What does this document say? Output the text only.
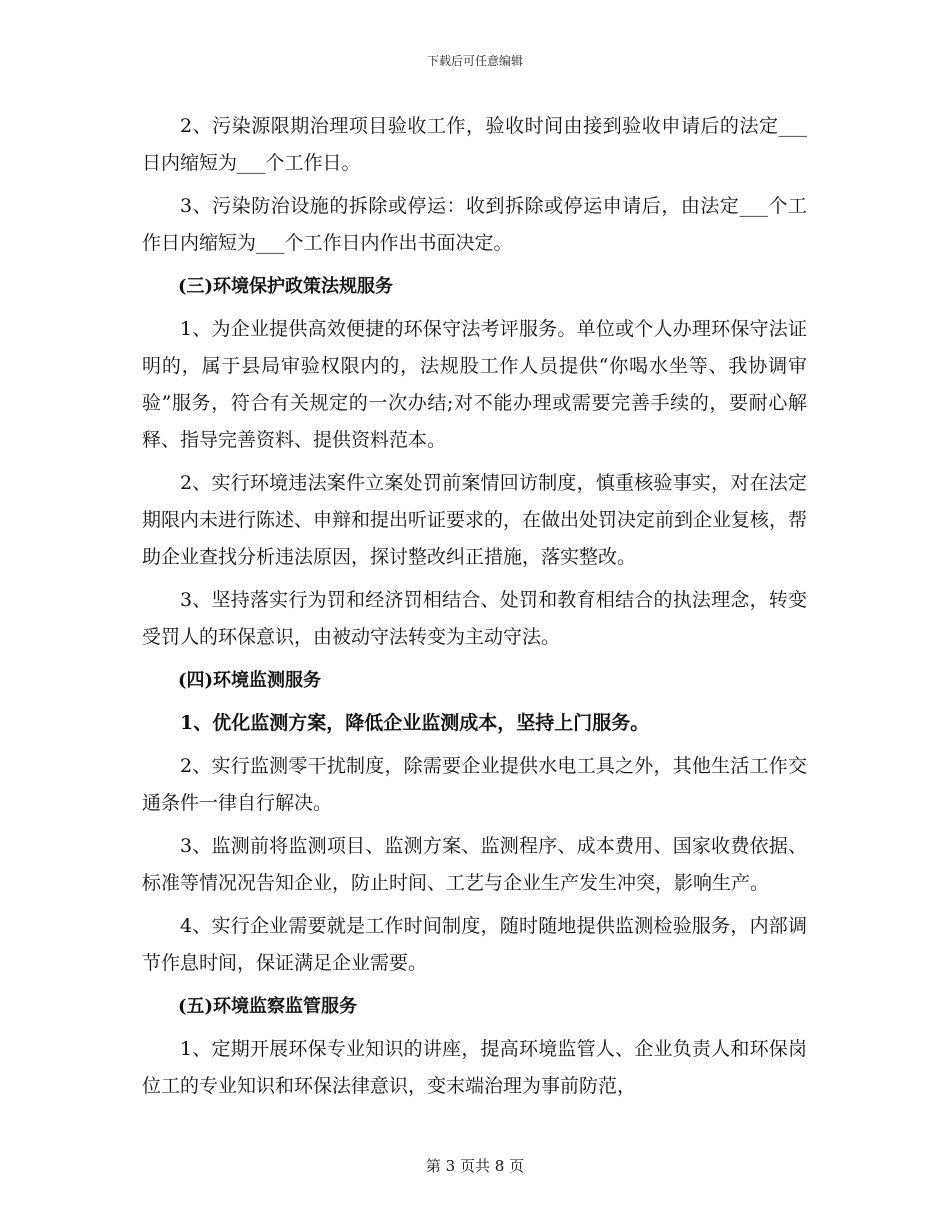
下载后可任意编辑

2、污染源限期治理项目验收工作，验收时间由接到验收申请后的法定___日内缩短为___个工作日。

3、污染防治设施的拆除或停运：收到拆除或停运申请后，由法定___个工作日内缩短为___个工作日内作出书面决定。

(三)环境保护政策法规服务

1、为企业提供高效便捷的环保守法考评服务。单位或个人办理环保守法证明的，属于县局审验权限内的，法规股工作人员提供“你喝水坐等、我协调审验”服务，符合有关规定的一次办结;对不能办理或需要完善手续的，要耐心解释、指导完善资料、提供资料范本。

2、实行环境违法案件立案处罚前案情回访制度，慎重核验事实，对在法定期限内未进行陈述、申辩和提出听证要求的，在做出处罚决定前到企业复核，帮助企业查找分析违法原因，探讨整改纠正措施，落实整改。

3、坚持落实行为罚和经济罚相结合、处罚和教育相结合的执法理念，转变受罚人的环保意识，由被动守法转变为主动守法。

(四)环境监测服务

1、优化监测方案，降低企业监测成本，坚持上门服务。

2、实行监测零干扰制度，除需要企业提供水电工具之外，其他生活工作交通条件一律自行解决。

3、监测前将监测项目、监测方案、监测程序、成本费用、国家收费依据、标准等情况况告知企业，防止时间、工艺与企业生产发生冲突，影响生产。

4、实行企业需要就是工作时间制度，随时随地提供监测检验服务，内部调节作息时间，保证满足企业需要。

(五)环境监察监管服务

1、定期开展环保专业知识的讲座，提高环境监管人、企业负责人和环保岗位工的专业知识和环保法律意识，变末端治理为事前防范，

第 3 页共 8 页
